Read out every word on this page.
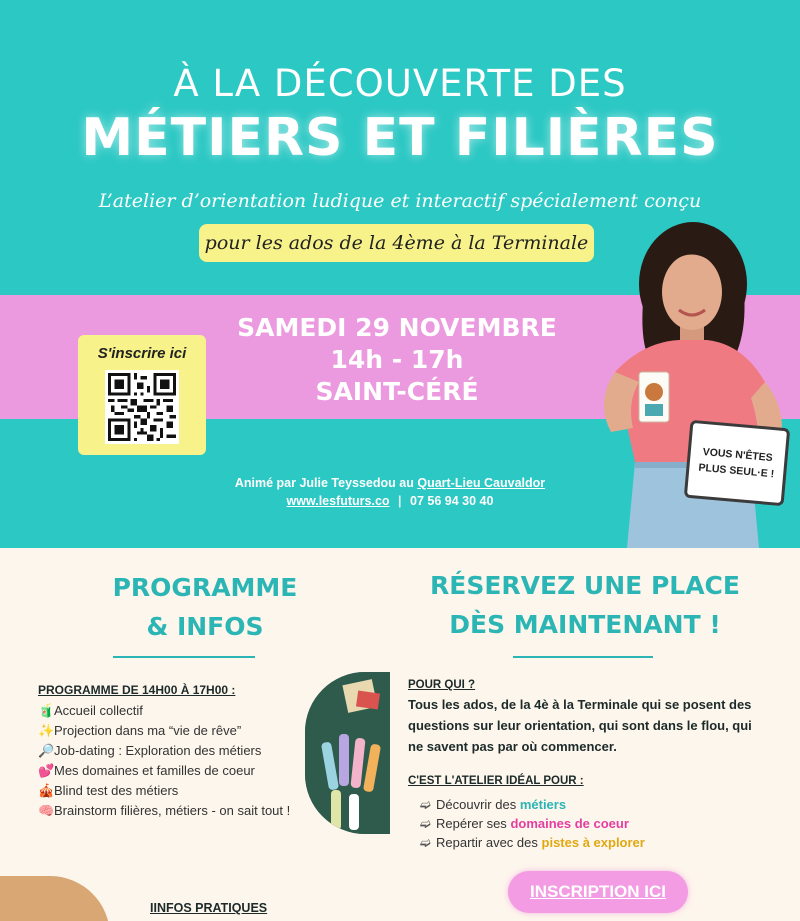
À LA DÉCOUVERTE DES
MÉTIERS ET FILIÈRES
L’atelier d’orientation ludique et interactif spécialement conçu
pour les ados de la 4ème à la Terminale
SAMEDI 29 NOVEMBRE
14h - 17h
SAINT-CÉRÉ
S'inscrire ici
Animé par Julie Teyssedou au Quart-Lieu Cauvaldor
www.lesfuturs.co | 07 56 94 30 40
VOUS N'ÊTES
PLUS SEUL·E !
PROGRAMME
& INFOS
RÉSERVEZ UNE PLACE
DÈS MAINTENANT !
PROGRAMME DE 14H00 À 17H00 :
🧃Accueil collectif
✨Projection dans ma “vie de rêve”
🔎Job-dating : Exploration des métiers
💕Mes domaines et familles de coeur
🎪Blind test des métiers
🧠Brainstorm filières, métiers - on sait tout !
POUR QUI ?
Tous les ados, de la 4è à la Terminale qui se posent des questions sur leur orientation, qui sont dans le flou, qui ne savent pas par où commencer.
C'EST L'ATELIER IDÉAL POUR :
➫ Découvrir des métiers
➫ Repérer ses domaines de coeur
➫ Repartir avec des pistes à explorer
INSCRIPTION ICI
IINFOS PRATIQUES
